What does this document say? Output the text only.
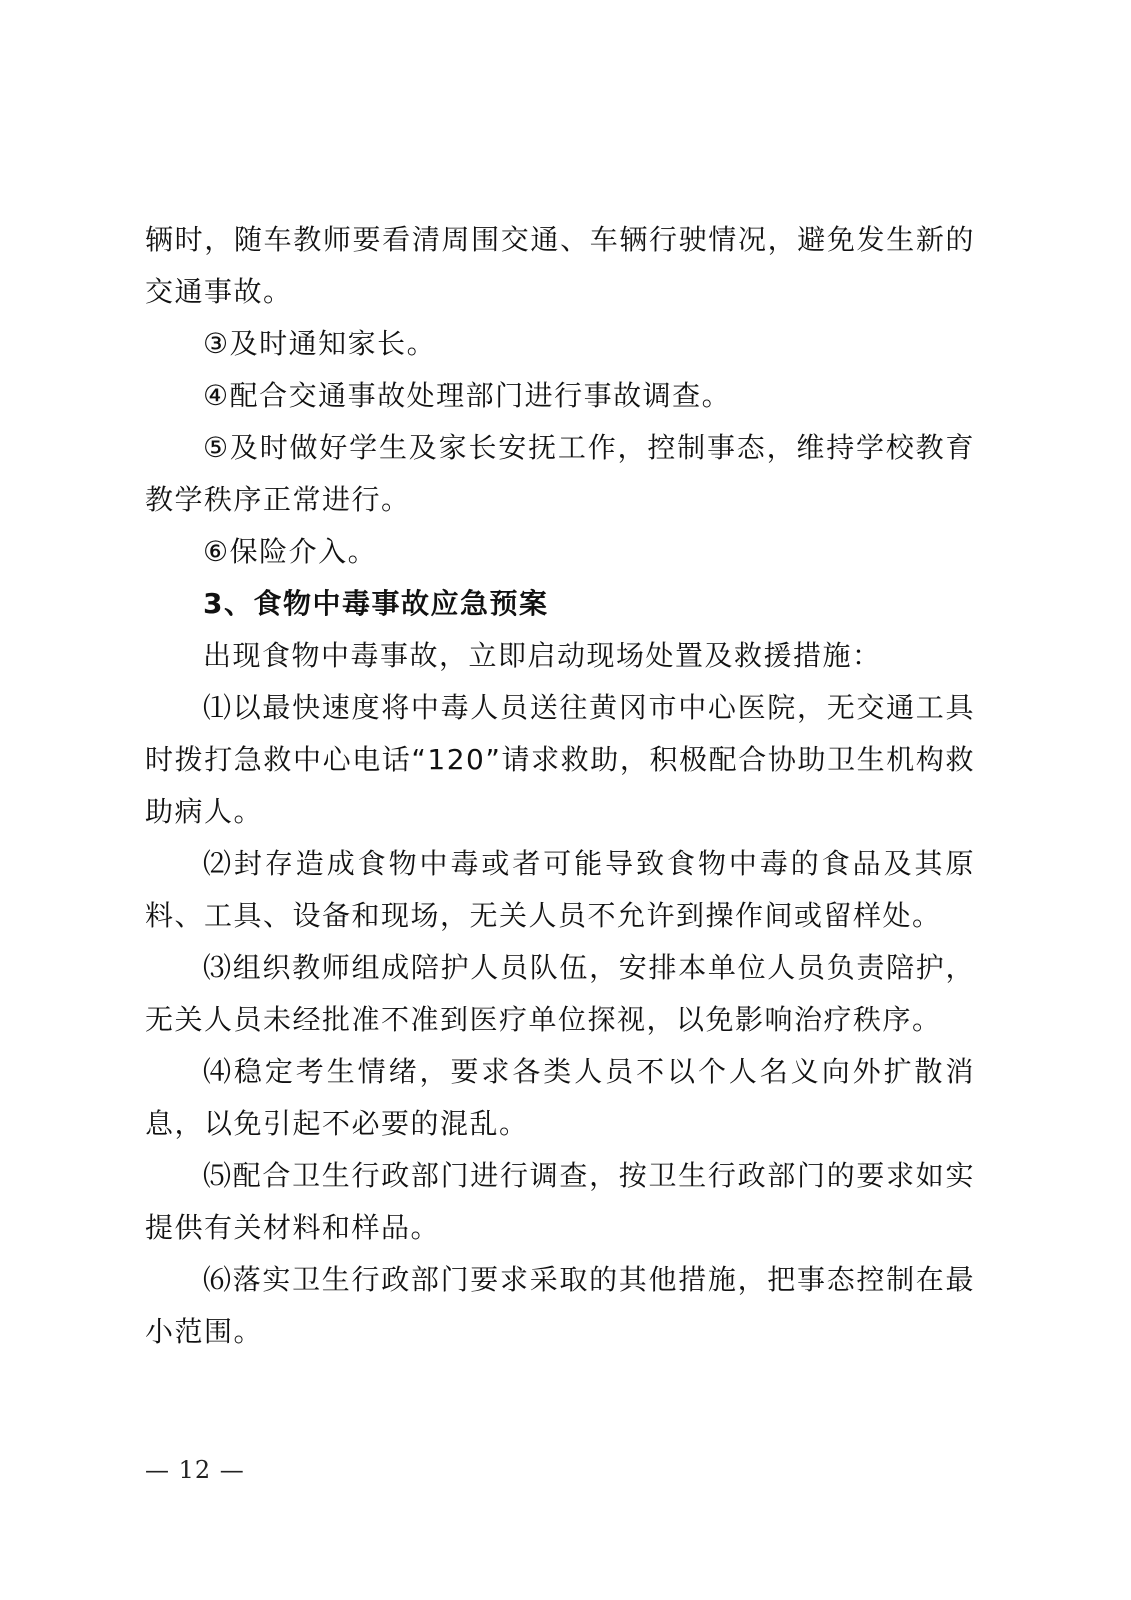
辆时，随车教师要看清周围交通、车辆行驶情况，避免发生新的交通事故。

③及时通知家长。

④配合交通事故处理部门进行事故调查。

⑤及时做好学生及家长安抚工作，控制事态，维持学校教育教学秩序正常进行。

⑥保险介入。

3、食物中毒事故应急预案

出现食物中毒事故，立即启动现场处置及救援措施：

⑴以最快速度将中毒人员送往黄冈市中心医院，无交通工具时拨打急救中心电话“120”请求救助，积极配合协助卫生机构救助病人。

⑵封存造成食物中毒或者可能导致食物中毒的食品及其原料、工具、设备和现场，无关人员不允许到操作间或留样处。

⑶组织教师组成陪护人员队伍，安排本单位人员负责陪护，无关人员未经批准不准到医疗单位探视，以免影响治疗秩序。

⑷稳定考生情绪，要求各类人员不以个人名义向外扩散消息，以免引起不必要的混乱。

⑸配合卫生行政部门进行调查，按卫生行政部门的要求如实提供有关材料和样品。

⑹落实卫生行政部门要求采取的其他措施，把事态控制在最小范围。

— 12 —
